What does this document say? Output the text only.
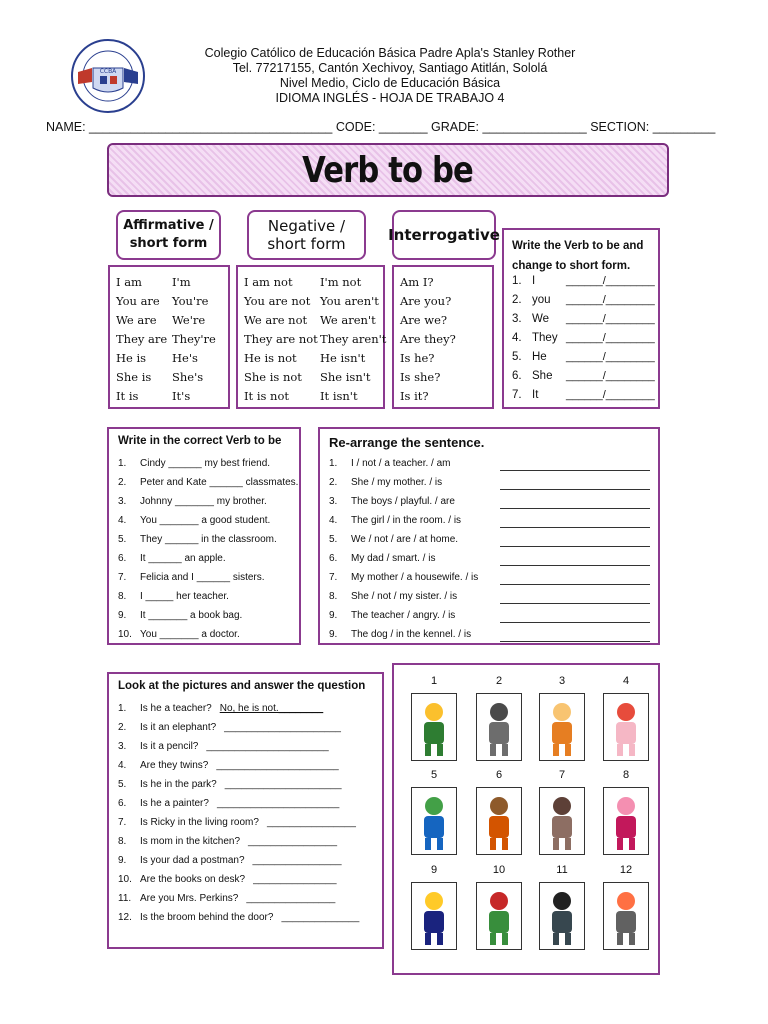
CCBA
Colegio Católico de Educación Básica Padre Apla's Stanley Rother
Tel. 77217155, Cantón Xechivoy, Santiago Atitlán, Sololá
Nivel Medio, Ciclo de Educación Básica
IDIOMA INGLÉS - HOJA DE TRABAJO 4
NAME: ___________________________________ CODE: _______ GRADE: _______________ SECTION: _________
Verb to be
Affirmative /
short form
Negative /
short form	Interrogative
I am	I'm
You are You're
We are We're
They are They're
He is He's
She is She's
It is	It's
I am not I'm not
You are not You aren't
We are not We aren't
They are not They aren't
He is not He isn't
She is not She isn't
It is not	It isn't
Am I?
Are you?
Are we?
Are they?
Is he?
Is she?
Is it?
Write the Verb to be and
change to short form.
1. I	______/________
2. you ______/________
3. We ______/________
4. They ______/________
5. He ______/________
6. She ______/________
7. It	______/________
Write in the correct Verb to be
1. Cindy ______ my best friend.
2. Peter and Kate ______ classmates.
3. Johnny _______ my brother.
4. You _______ a good student.
5. They ______ in the classroom.
6. It ______ an apple.
7. Felicia and I ______ sisters.
8. I _____ her teacher.
9. It _______ a book bag.
10. You _______ a doctor.
Re-arrange the sentence.
1. I / not / a teacher. / am
2. She / my mother. / is
3. The boys / playful. / are
4. The girl / in the room. / is
5. We / not / are / at home.
6. My dad / smart. / is
7. My mother / a housewife. / is
8. She / not / my sister. / is
9. The teacher / angry. / is
9. The dog / in the kennel. / is
Look at the pictures and answer the question
1. Is he a teacher? No, he is not.________
2. Is it an elephant? _____________________
3. Is it a pencil? ______________________
4. Are they twins? ______________________
5. Is he in the park? _____________________
6. Is he a painter? ______________________
7. Is Ricky in the living room? ________________
8. Is mom in the kitchen? ________________
9. Is your dad a postman? ________________
10. Are the books on desk? _______________
11. Are you Mrs. Perkins? ________________
12. Is the broom behind the door? ______________
1	2	3	4
5	6	7	8
9	10	11	12
